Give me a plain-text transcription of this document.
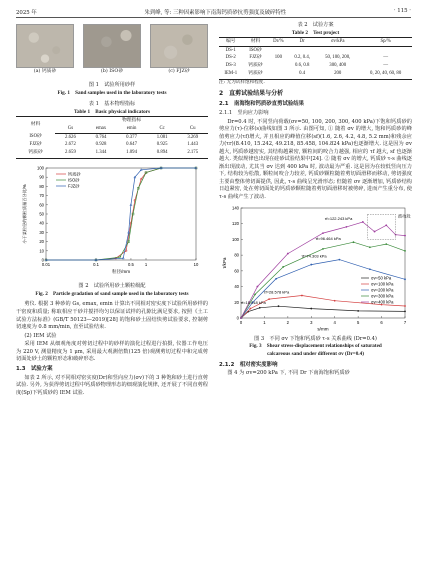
2025 年	朱到峰, 等: 三种因素影响下南海钙质砂抗剪强度及破碎特性	· 115 ·
(a) 钙质砂	(b) ISO砂	(c) FJZ砂
图 1　试验所用砂样
Fig. 1　Sand samples used in the laboratory tests
表 1　基本物理指标
Table 1　Basic physical indicators
材料	物理指标				
	Gs	emax	emin	Cc	Cu
ISO砂	2.626	0.764	0.377	1.081	3.269
FJZ砂	2.672	0.928	0.647	0.925	1.443
钙质砂	2.659	1.344	1.094	0.894	2.175
0
10
20
30
40
50
60
70
80
90
100
0.01	0.1	0.5	1	10
粒径/mm
小于某粒径的颗粒质量百分比/%
钙质砂
ISO砂
FJZ砂
图 2　试验所用砂土颗粒级配
Fig. 2　Particle gradation of sand sample used in the laboratory tests
剪仪. 根据 3 种砂的 Gs, emax, emin 计算出不同相对密实度下试验所用砂样的干密度和质量; 称取相应干砂并搅拌均匀以保证试样的孔隙比满足要求, 按照《土工试验方法标准》(GB/T 50123—2019)[28] 的饱和砂土固结快剪试验要求, 控制剪切速度为 0.8 mm/min, 直至试验结束.
(2) IEM 试验
采用 IEM 从细观角度对剪切过程中的砂样的演化过程进行拍摄, 仪器工作电压为 220 V, 测量精度为 1 μm, 采用最大观测倍数(125 倍)观测剪切过程中和完成剪切面处砂土的颗粒形态和破碎形态.
1.3　试验方案
如表 2 所示, 对不同相对密实度(Dr)和竖向应力(σv)下的 3 种饱和砂土进行直剪试验. 另外, 为获得剪切过程中钙质砂物理形态的细观演化规律, 还开展了不同直剪程度(Sp)下钙质砂的 IEM 试验.
表 2　试验方案
Table 2　Test project
编号	材料	Dr/%	Dr	σv/kPa	Sp/%
DS-1	ISO砂				
DS-2	FJZ砂	100	0.2, 0.4,	50, 100, 200,	—
DS-3	钙质砂		0.6, 0.8	300, 400	—
IEM-1	钙质砂		0.4	200	0, 20, 40, 60, 80
注: 无为试样饱和程度.
2　直剪试验结果与分析
2.1　南海饱和钙质砂直剪试验结果
2.1.1　竖向应力影响
Dr=0.4 时, 不同竖向荷载(σv=50, 100, 200, 300, 400 kPa)下饱和钙质砂的剪应力(τ)-位移(s)曲线如图 3 所示. 由图可知, ① 随着 σv 的增大, 饱和钙质砂的峰值剪应力(τf)增大, 并且相应的峰值位移(sf)(1.6, 2.6, 4.2, 4.8, 5.2 mm)和残余应力(τr)(8.410, 15.242, 49.218, 85.458, 104.824 kPa)也逐渐增大. 这是因为 σv 越大, 钙质砂越密实, 其结构越紧密, 颗粒间的咬合力越强, 相应的 τf 越大, sf 也逐渐越大. 类似规律也出现在硅砂试验结果中[24]. ② 随着 σv 的增大, 钙质砂 τ-s 曲线逐渐出现波动, 尤其当 σv 达到 400 kPa 时, 波动最为严重. 这是因为在较低竖向压力下, 结构较为松散, 颗粒间咬合力较差, 钙质砂颗粒随着剪切面滑移而移动, 剪切强度主要由整体剪切面提供, 因此, τ-s 曲线呈光滑形态; 但随着 σv 逐渐增加, 钙质砂结构日趋紧密, 处在剪切面处的钙质砂颗粒随着剪切面滑移时被剪碎, 进而产生重分布, 使 τ-s 曲线产生了波动.
0
20
40
60
80
100
120
140
0	1	2	3	4	5	6	7
s/mm
τ/kPa
σv=50 kPa
σv=100 kPa
σv=200 kPa
σv=300 kPa
σv=400 kPa
τf=122.243 kPa
τf=96.464 kPa
τf=74.303 kPa
τf=28.578 kPa
τf=15.018 kPa
波动段
图 3　不同 σv 下饱和钙质砂 τ-s 关系曲线 (Dr=0.4)
Fig. 3　Shear stress-displacement relationships of saturated
calcareous sand under different σv (Dr=0.4)
2.1.2　相对密实度影响
图 4 为 σv=200 kPa 下, 不同 Dr 下南海饱和钙质砂
